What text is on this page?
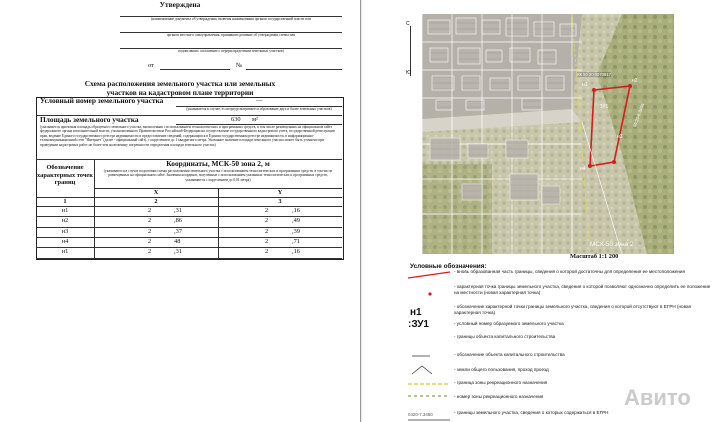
Утверждена
(наименование документа об утверждении, включая наименования органов государственной власти или
органов местного самоуправления, принявших решение об утверждении схемы или
подписавших соглашение о перераспределении земельных участков)
от	№
Схема расположения земельного участка или земельных
участков на кадастровом плане территории
Условный номер земельного участка	—
(указывается в случае, если предусматривается образование двух и более земельных участков)
Площадь земельного участка	630 м²
(указывается проектная площадь образуемого земельного участка, вычисленная с использованием технологических и программных средств, в том числе размещенных на официальном сайте федерального органа исполнительной власти, уполномоченного Правительством Российской Федерации на осуществление государственного кадастрового учета, государственной регистрации прав, ведение Единого государственного реестра недвижимости и предоставление сведений, содержащихся в Едином государственном реестре недвижимости, в информационно-телекоммуникационной сети "Интернет" (далее - официальный сайт), с округлением до 1 квадратного метра. Указанное значение площади земельного участка может быть уточнено при проведении кадастровых работ не более чем на величину погрешности определения площади земельного участка)
Обозначение характерных точек границ
Координаты, МСК-50 зона 2, м
(указываются в случае подготовки схемы расположения земельного участка с использованием технологических и программных средств, в том числе размещенных на официальном сайте. Значения координат, полученные с использованием указанных технологических и программных средств, указываются с округлением до 0,01 метра)
X	Y
1	2	3
н1	2	,31	2	,16
н2	2	,86	2	,49
н3	2	,37	2	,39
н4	2	48	2	,71
н1	2	,31	2	,16
С
Ю	КК 50:20:0070617
н1
н2
:ЗУ1
н3
н4
50:20-6.3459
МСК-50 зона 2
Масштаб 1:1 200
Условные обозначения:
н1
:ЗУ1
0420-7.3450
- вновь образованная часть границы, сведения о которой достаточны для определения ее местоположения
- характерная точка границы земельного участка, сведения о которой позволяют однозначно определить ее положение на местности (новая характерная точка)
- обозначение характерной точки границы земельного участка, сведения о которой отсутствуют в ЕГРН (новая характерная точка)
- условный номер образуемого земельного участка
- границы объекта капитального строительства
- обозначение объекта капитального строительства
- земли общего пользования, проход проезд
- граница зоны рекреационного назначения
- номер зоны рекреационного назначения
- границы земельного участка, сведения о которых содержаться в ЕГРН
Авито
